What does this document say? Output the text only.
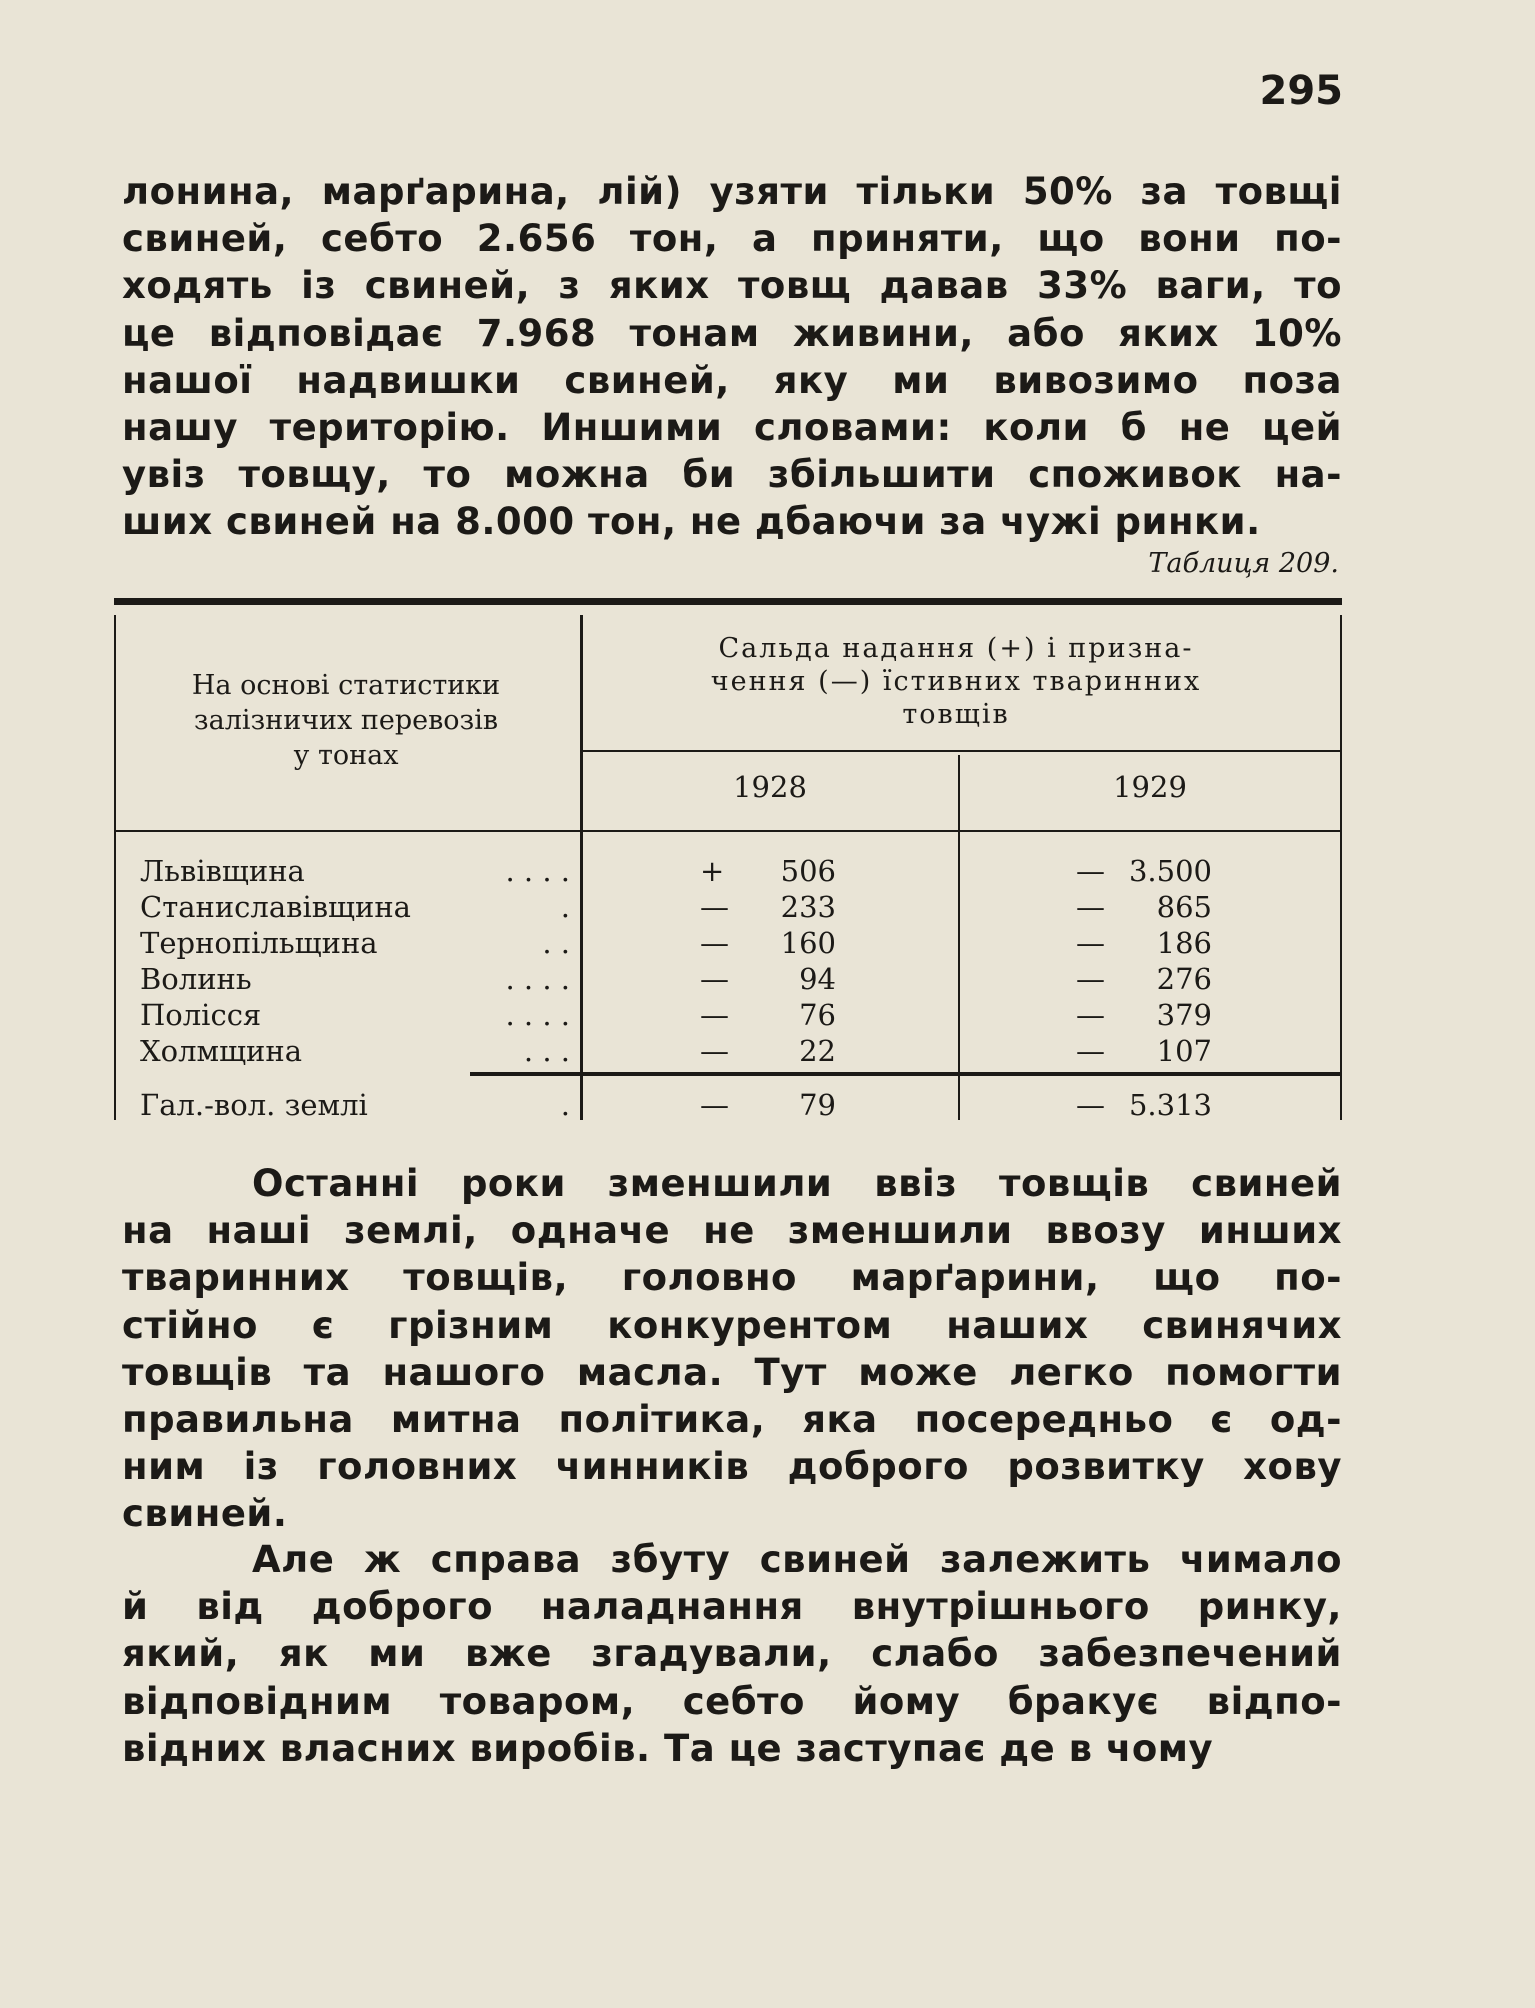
295
лонина, марґарина, лій) узяти тільки 50% за товщі
свиней, себто 2.656 тон, а приняти, що вони по-
ходять із свиней, з яких товщ давав 33% ваги, то
це відповідає 7.968 тонам живини, або яких 10%
нашої надвишки свиней, яку ми вивозимо поза
нашу територію. Иншими словами: коли б не цей
увіз товщу, то можна би збільшити споживок на-
ших свиней на 8.000 тон, не дбаючи за чужі ринки.
Таблиця 209.
На основі статистики
залізничих перевозів
у тонах
Сальда надання (+) і призна-
чення (—) їстивних тваринних
товщів
1928	1929
Львівщина	. . . .	+ 506	— 3.500
Станиславівщина	.	— 233	— 865
Тернопільщина	. .	— 160	— 186
Волинь	. . . .	— 94	— 276
Полісся	. . . .	— 76	— 379
Холмщина	. . .	— 22	— 107
Гал.-вол. землі	.	— 79	— 5.313
Останні роки зменшили ввіз товщів свиней
на наші землі, одначе не зменшили ввозу инших
тваринних товщів, головно марґарини, що по-
стійно є грізним конкурентом наших свинячих
товщів та нашого масла. Тут може легко помогти
правильна митна політика, яка посередньо є од-
ним із головних чинників доброго розвитку хову
свиней.
Але ж справа збуту свиней залежить чимало
й від доброго наладнання внутрішнього ринку,
який, як ми вже згадували, слабо забезпечений
відповідним товаром, себто йому бракує відпо-
відних власних виробів. Та це заступає де в чому
